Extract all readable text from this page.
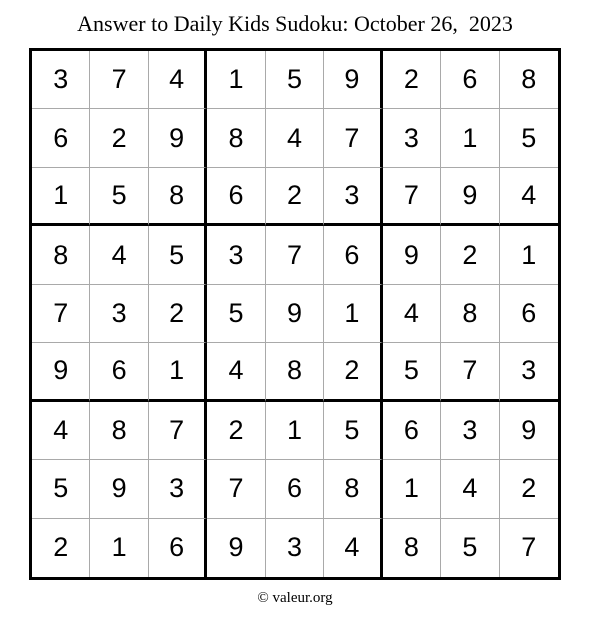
Answer to Daily Kids Sudoku: October 26,  2023
3	7	4	1	5	9	2	6	8
6	2	9	8	4	7	3	1	5
1	5	8	6	2	3	7	9	4
8	4	5	3	7	6	9	2	1
7	3	2	5	9	1	4	8	6
9	6	1	4	8	2	5	7	3
4	8	7	2	1	5	6	3	9
5	9	3	7	6	8	1	4	2
2	1	6	9	3	4	8	5	7
© valeur.org
